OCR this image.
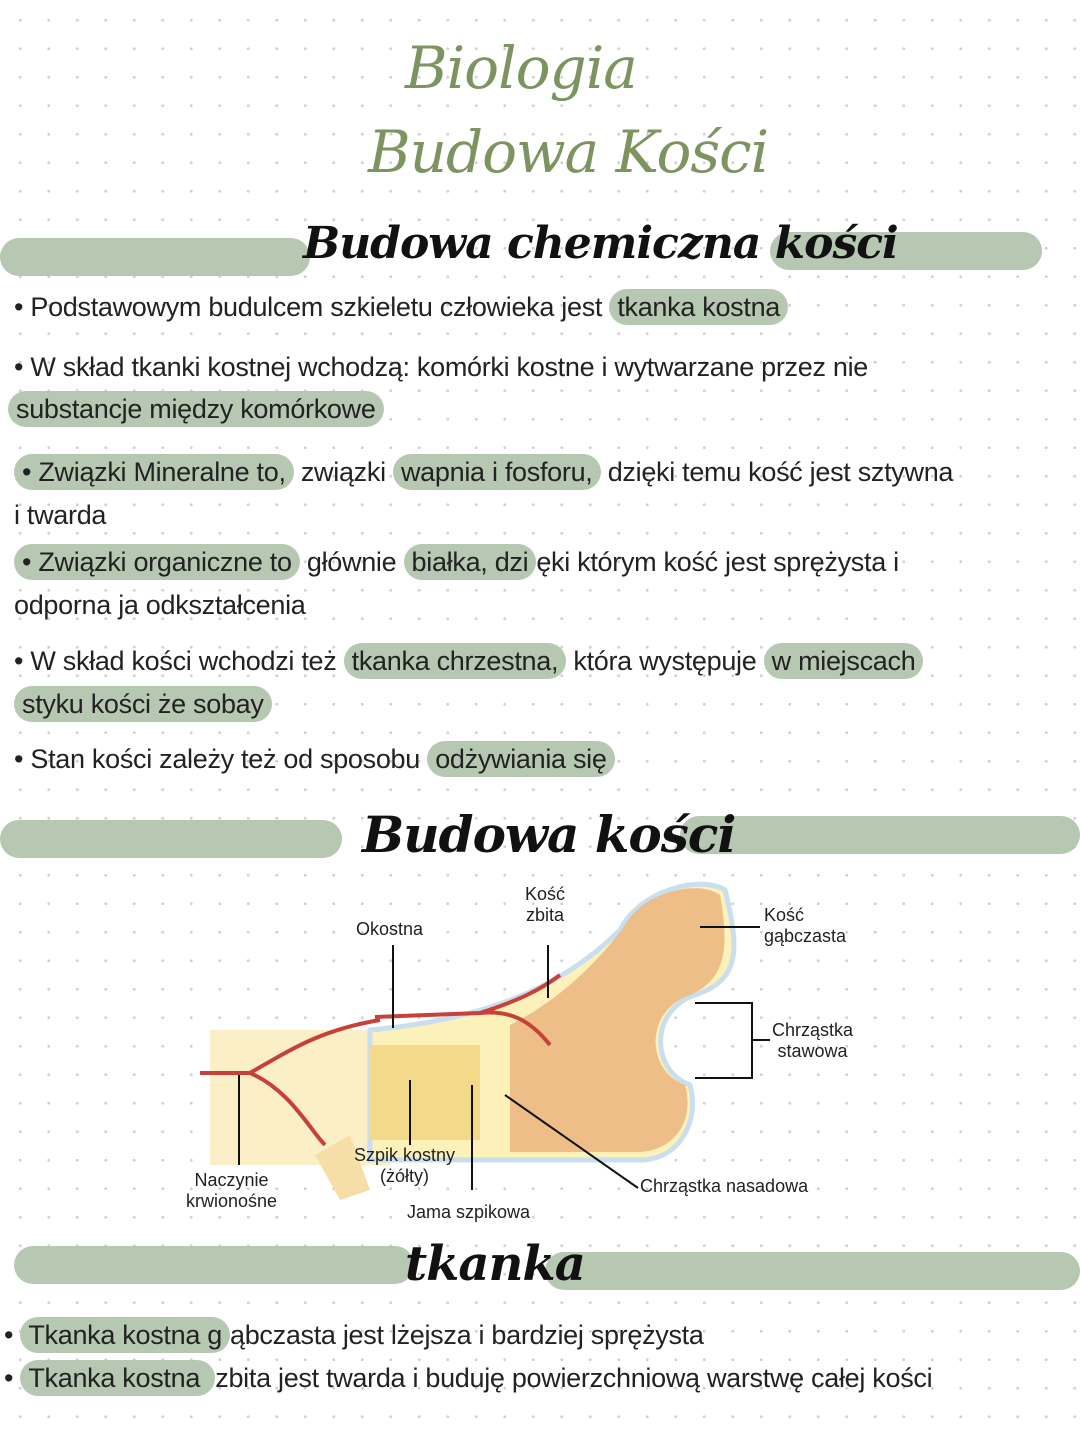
Biologia
Budowa Kości
Budowa chemiczna kości
• Podstawowym budulcem szkieletu człowieka jest tkanka kostna
• W skład tkanki kostnej wchodzą: komórki kostne i wytwarzane przez nie
substancje między komórkowe
• Związki Mineralne to, związki wapnia i fosforu, dzięki temu kość jest sztywna
i twarda
• Związki organiczne to głównie białka, dzi ęki którym kość jest sprężysta i
odporna ja odkształcenia
• W skład kości wchodzi też tkanka chrzestna, która występuje w miejscach
styku kości że sobay
• Stan kości zależy też od sposobu odżywiania się
Budowa kości
Kość
zbita
Okostna
Kość
gąbczasta
Chrząstka
stawowa
Naczynie
krwionośne
Szpik kostny
(żółty)
Jama szpikowa
Chrząstka nasadowa
tkanka
• Tkanka kostna g ąbczasta jest lżejsza i bardziej sprężysta
• Tkanka kostna zbita jest twarda i buduję powierzchniową warstwę całej kości
